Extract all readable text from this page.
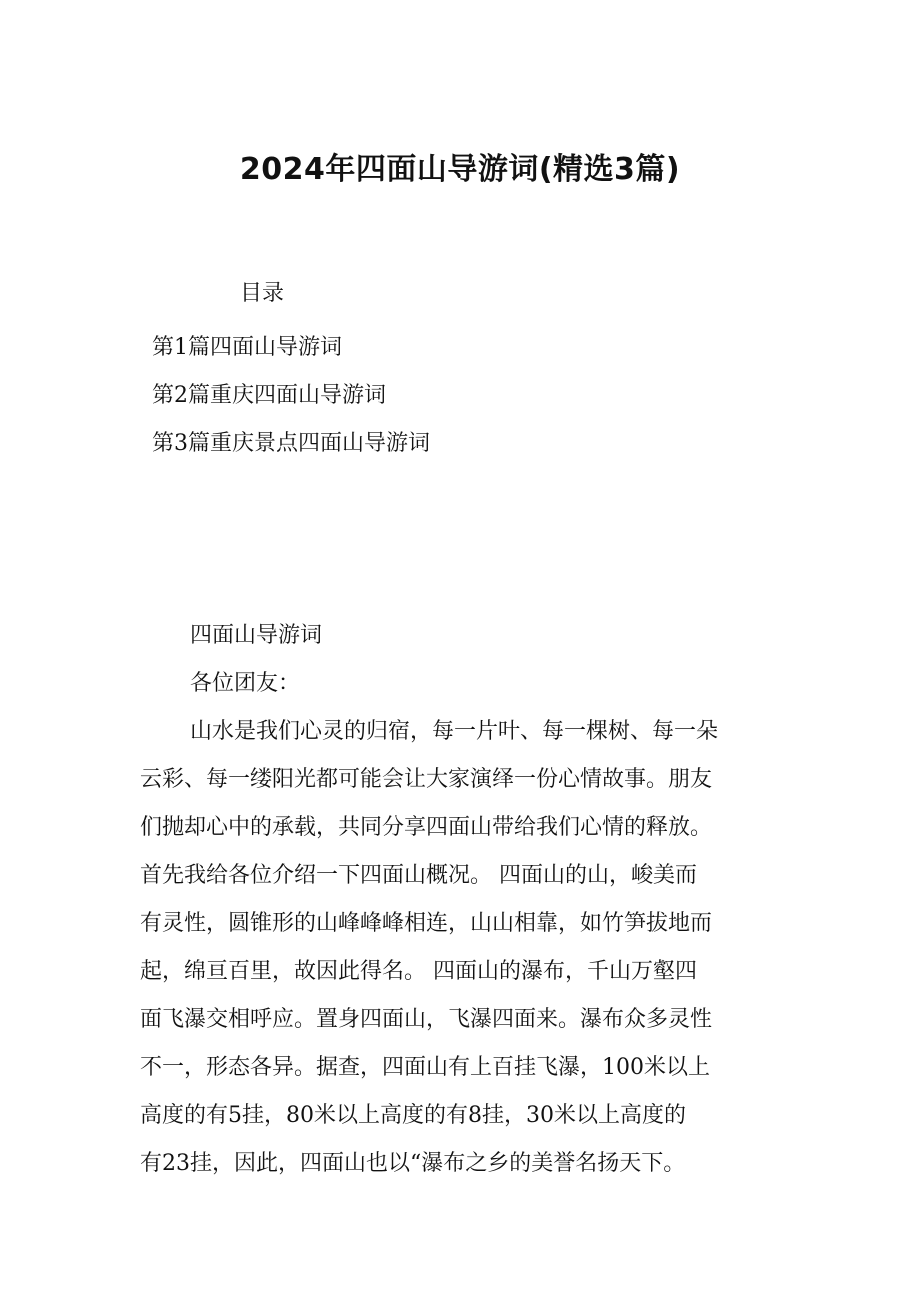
2024年四面山导游词(精选3篇)
目录
第1篇四面山导游词
第2篇重庆四面山导游词
第3篇重庆景点四面山导游词
四面山导游词
各位团友：
山水是我们心灵的归宿，每一片叶、每一棵树、每一朵
云彩、每一缕阳光都可能会让大家演绎一份心情故事。朋友
们抛却心中的承载，共同分享四面山带给我们心情的释放。
首先我给各位介绍一下四面山概况。 四面山的山，峻美而
有灵性，圆锥形的山峰峰峰相连，山山相靠，如竹笋拔地而
起，绵亘百里，故因此得名。 四面山的瀑布，千山万壑四
面飞瀑交相呼应。置身四面山，飞瀑四面来。瀑布众多灵性
不一，形态各异。据查，四面山有上百挂飞瀑，100米以上
高度的有5挂，80米以上高度的有8挂，30米以上高度的
有23挂，因此，四面山也以“瀑布之乡的美誉名扬天下。
